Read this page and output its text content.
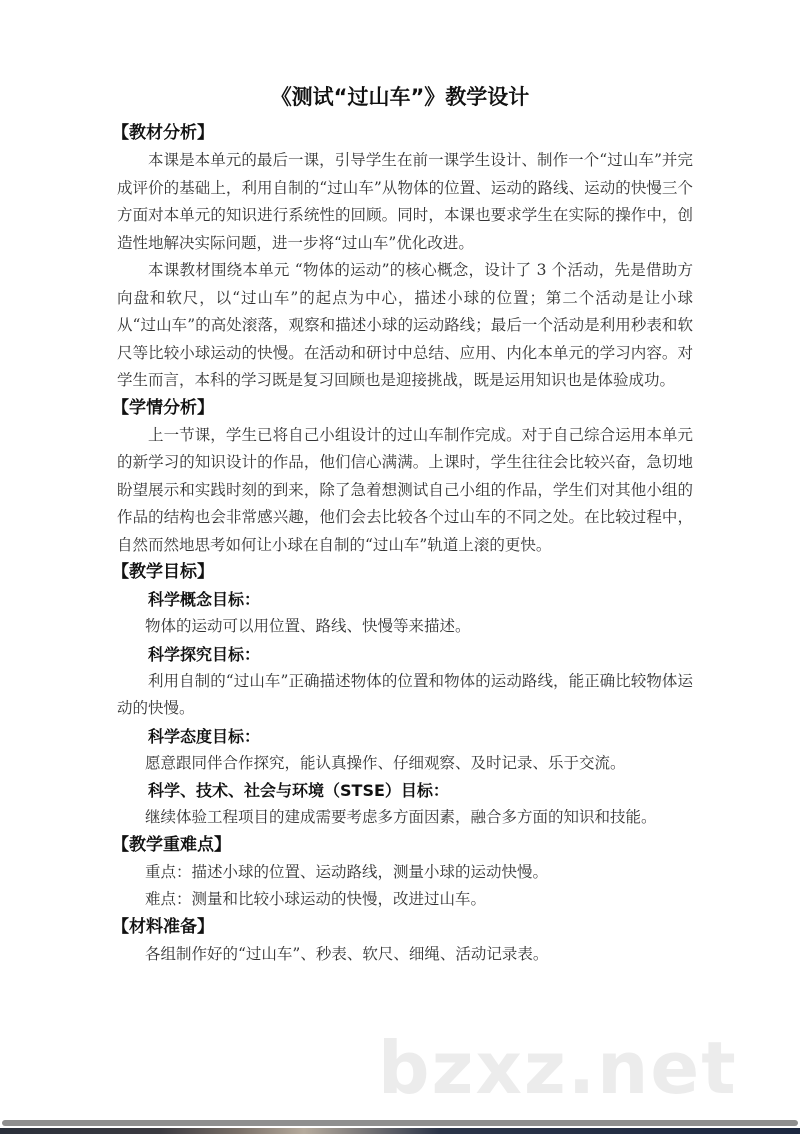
bzxz.net
《测试“过山车”》教学设计
【教材分析】
本课是本单元的最后一课，引导学生在前一课学生设计、制作一个“过山车”并完成评价的基础上，利用自制的“过山车”从物体的位置、运动的路线、运动的快慢三个方面对本单元的知识进行系统性的回顾。同时，本课也要求学生在实际的操作中，创造性地解决实际问题，进一步将“过山车”优化改进。
本课教材围绕本单元 “物体的运动”的核心概念，设计了 3 个活动，先是借助方向盘和软尺，以“过山车”的起点为中心，描述小球的位置；第二个活动是让小球从“过山车”的高处滚落，观察和描述小球的运动路线；最后一个活动是利用秒表和软尺等比较小球运动的快慢。在活动和研讨中总结、应用、内化本单元的学习内容。对学生而言，本科的学习既是复习回顾也是迎接挑战，既是运用知识也是体验成功。
【学情分析】
上一节课，学生已将自己小组设计的过山车制作完成。对于自己综合运用本单元的新学习的知识设计的作品，他们信心满满。上课时，学生往往会比较兴奋，急切地盼望展示和实践时刻的到来，除了急着想测试自己小组的作品，学生们对其他小组的作品的结构也会非常感兴趣，他们会去比较各个过山车的不同之处。在比较过程中，自然而然地思考如何让小球在自制的“过山车”轨道上滚的更快。
【教学目标】
科学概念目标：
物体的运动可以用位置、路线、快慢等来描述。
科学探究目标：
利用自制的“过山车”正确描述物体的位置和物体的运动路线，能正确比较物体运动的快慢。
科学态度目标：
愿意跟同伴合作探究，能认真操作、仔细观察、及时记录、乐于交流。
科学、技术、社会与环境（STSE）目标：
继续体验工程项目的建成需要考虑多方面因素，融合多方面的知识和技能。
【教学重难点】
重点：描述小球的位置、运动路线，测量小球的运动快慢。
难点：测量和比较小球运动的快慢，改进过山车。
【材料准备】
各组制作好的“过山车”、秒表、软尺、细绳、活动记录表。
